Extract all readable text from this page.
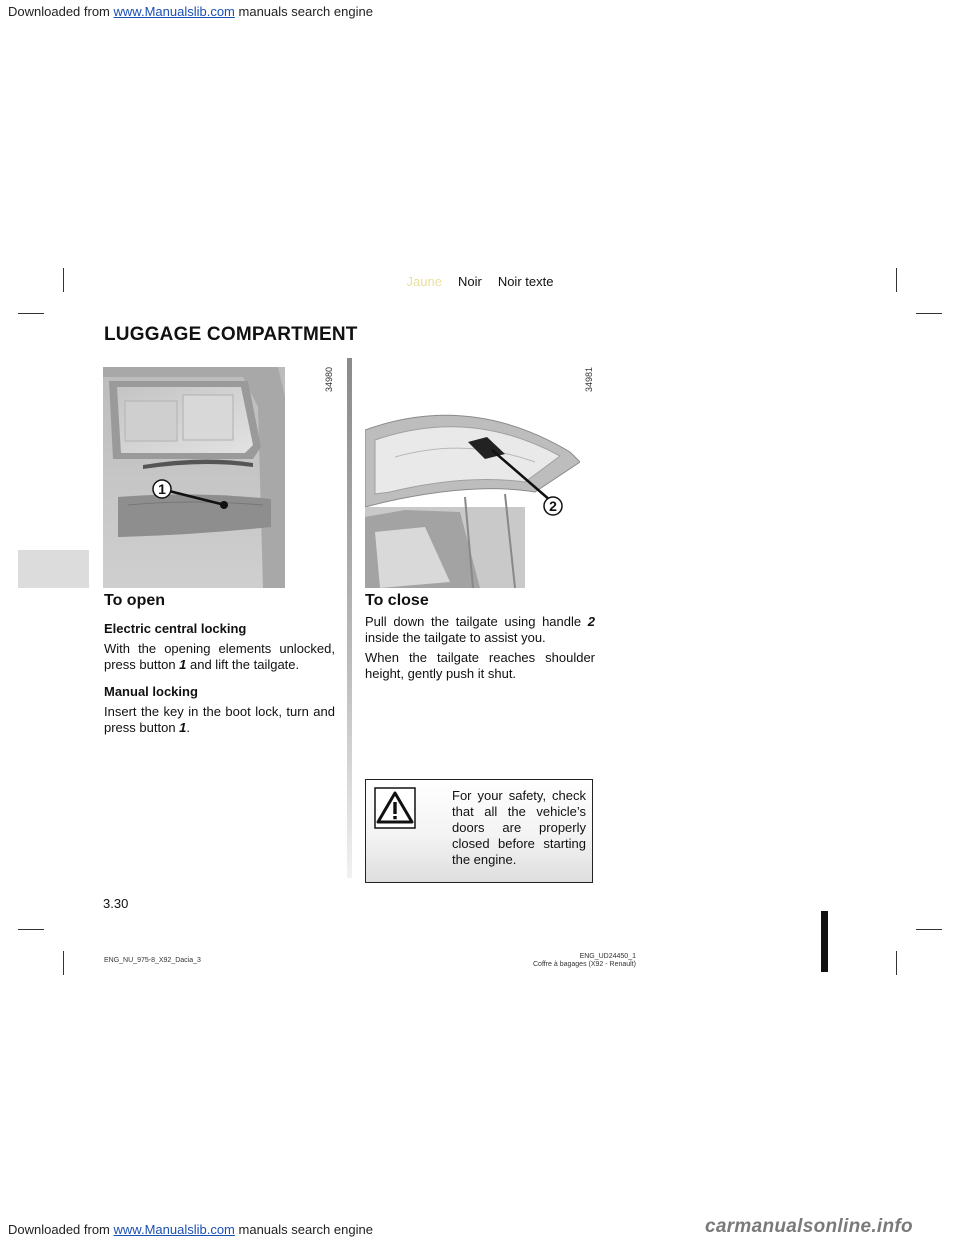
Downloaded from www.Manualslib.com manuals search engine
Jaune Noir Noir texte
LUGGAGE COMPARTMENT
1
34980
2
34981
To open
Electric central locking
With the opening elements unlocked, press button 1 and lift the tailgate.
Manual locking
Insert the key in the boot lock, turn and press button 1.
To close
Pull down the tailgate using handle 2 inside the tailgate to assist you.
When the tailgate reaches shoulder height, gently push it shut.
For your safety, check that all the vehicle’s doors are properly closed before starting the engine.
3.30
ENG_NU_975-8_X92_Dacia_3
ENG_UD24450_1
Coffre à bagages (X92 - Renault)
Downloaded from www.Manualslib.com manuals search engine	carmanualsonline.info
